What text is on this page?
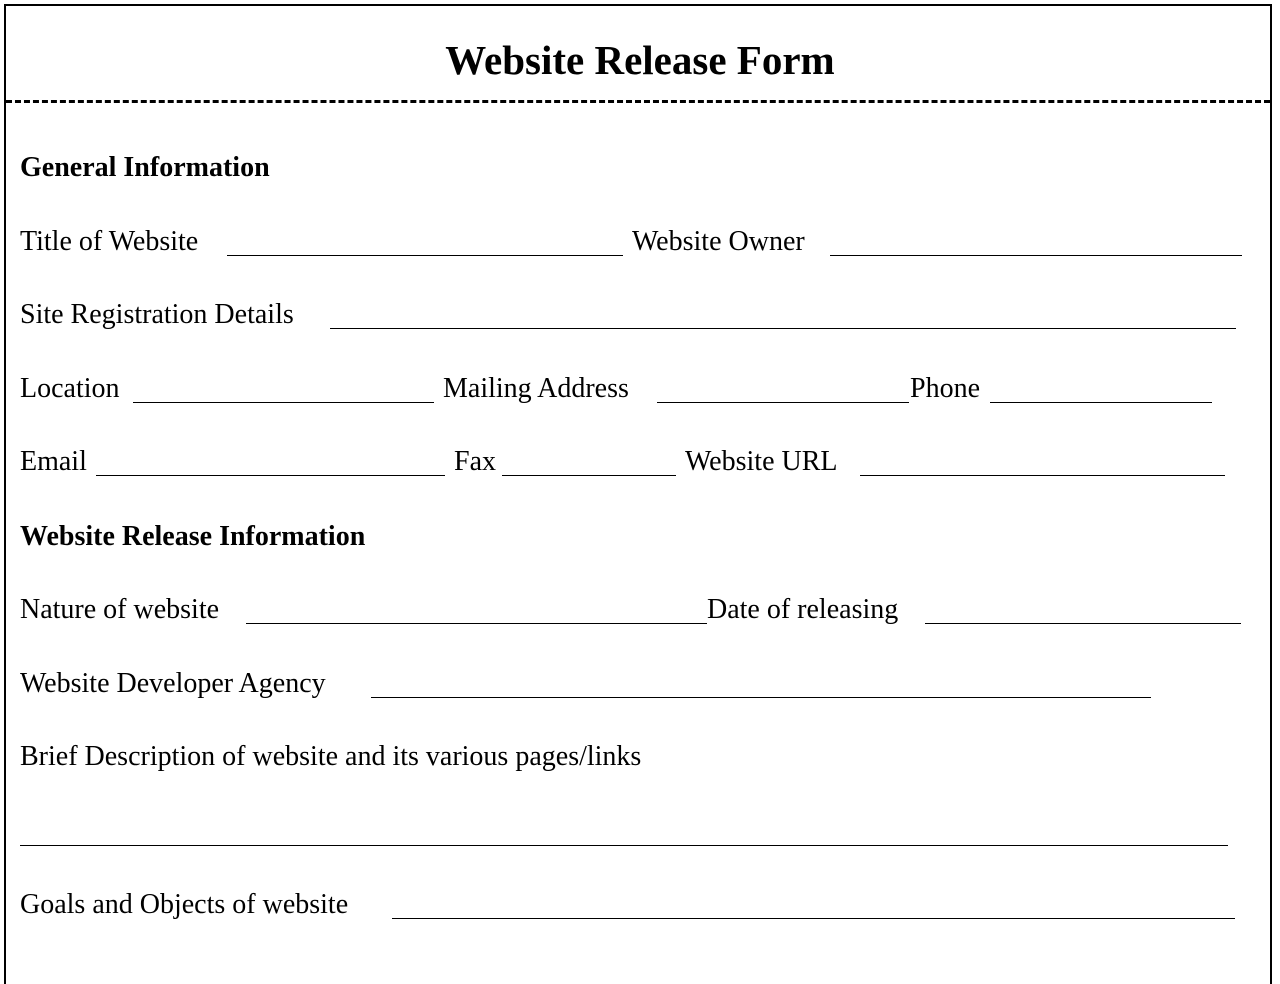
Website Release Form
General Information
Title of Website	Website Owner
Site Registration Details
Location	Mailing Address	Phone
Email	Fax	Website URL
Website Release Information
Nature of website	Date of releasing
Website Developer Agency
Brief Description of website and its various pages/links
Goals and Objects of website
